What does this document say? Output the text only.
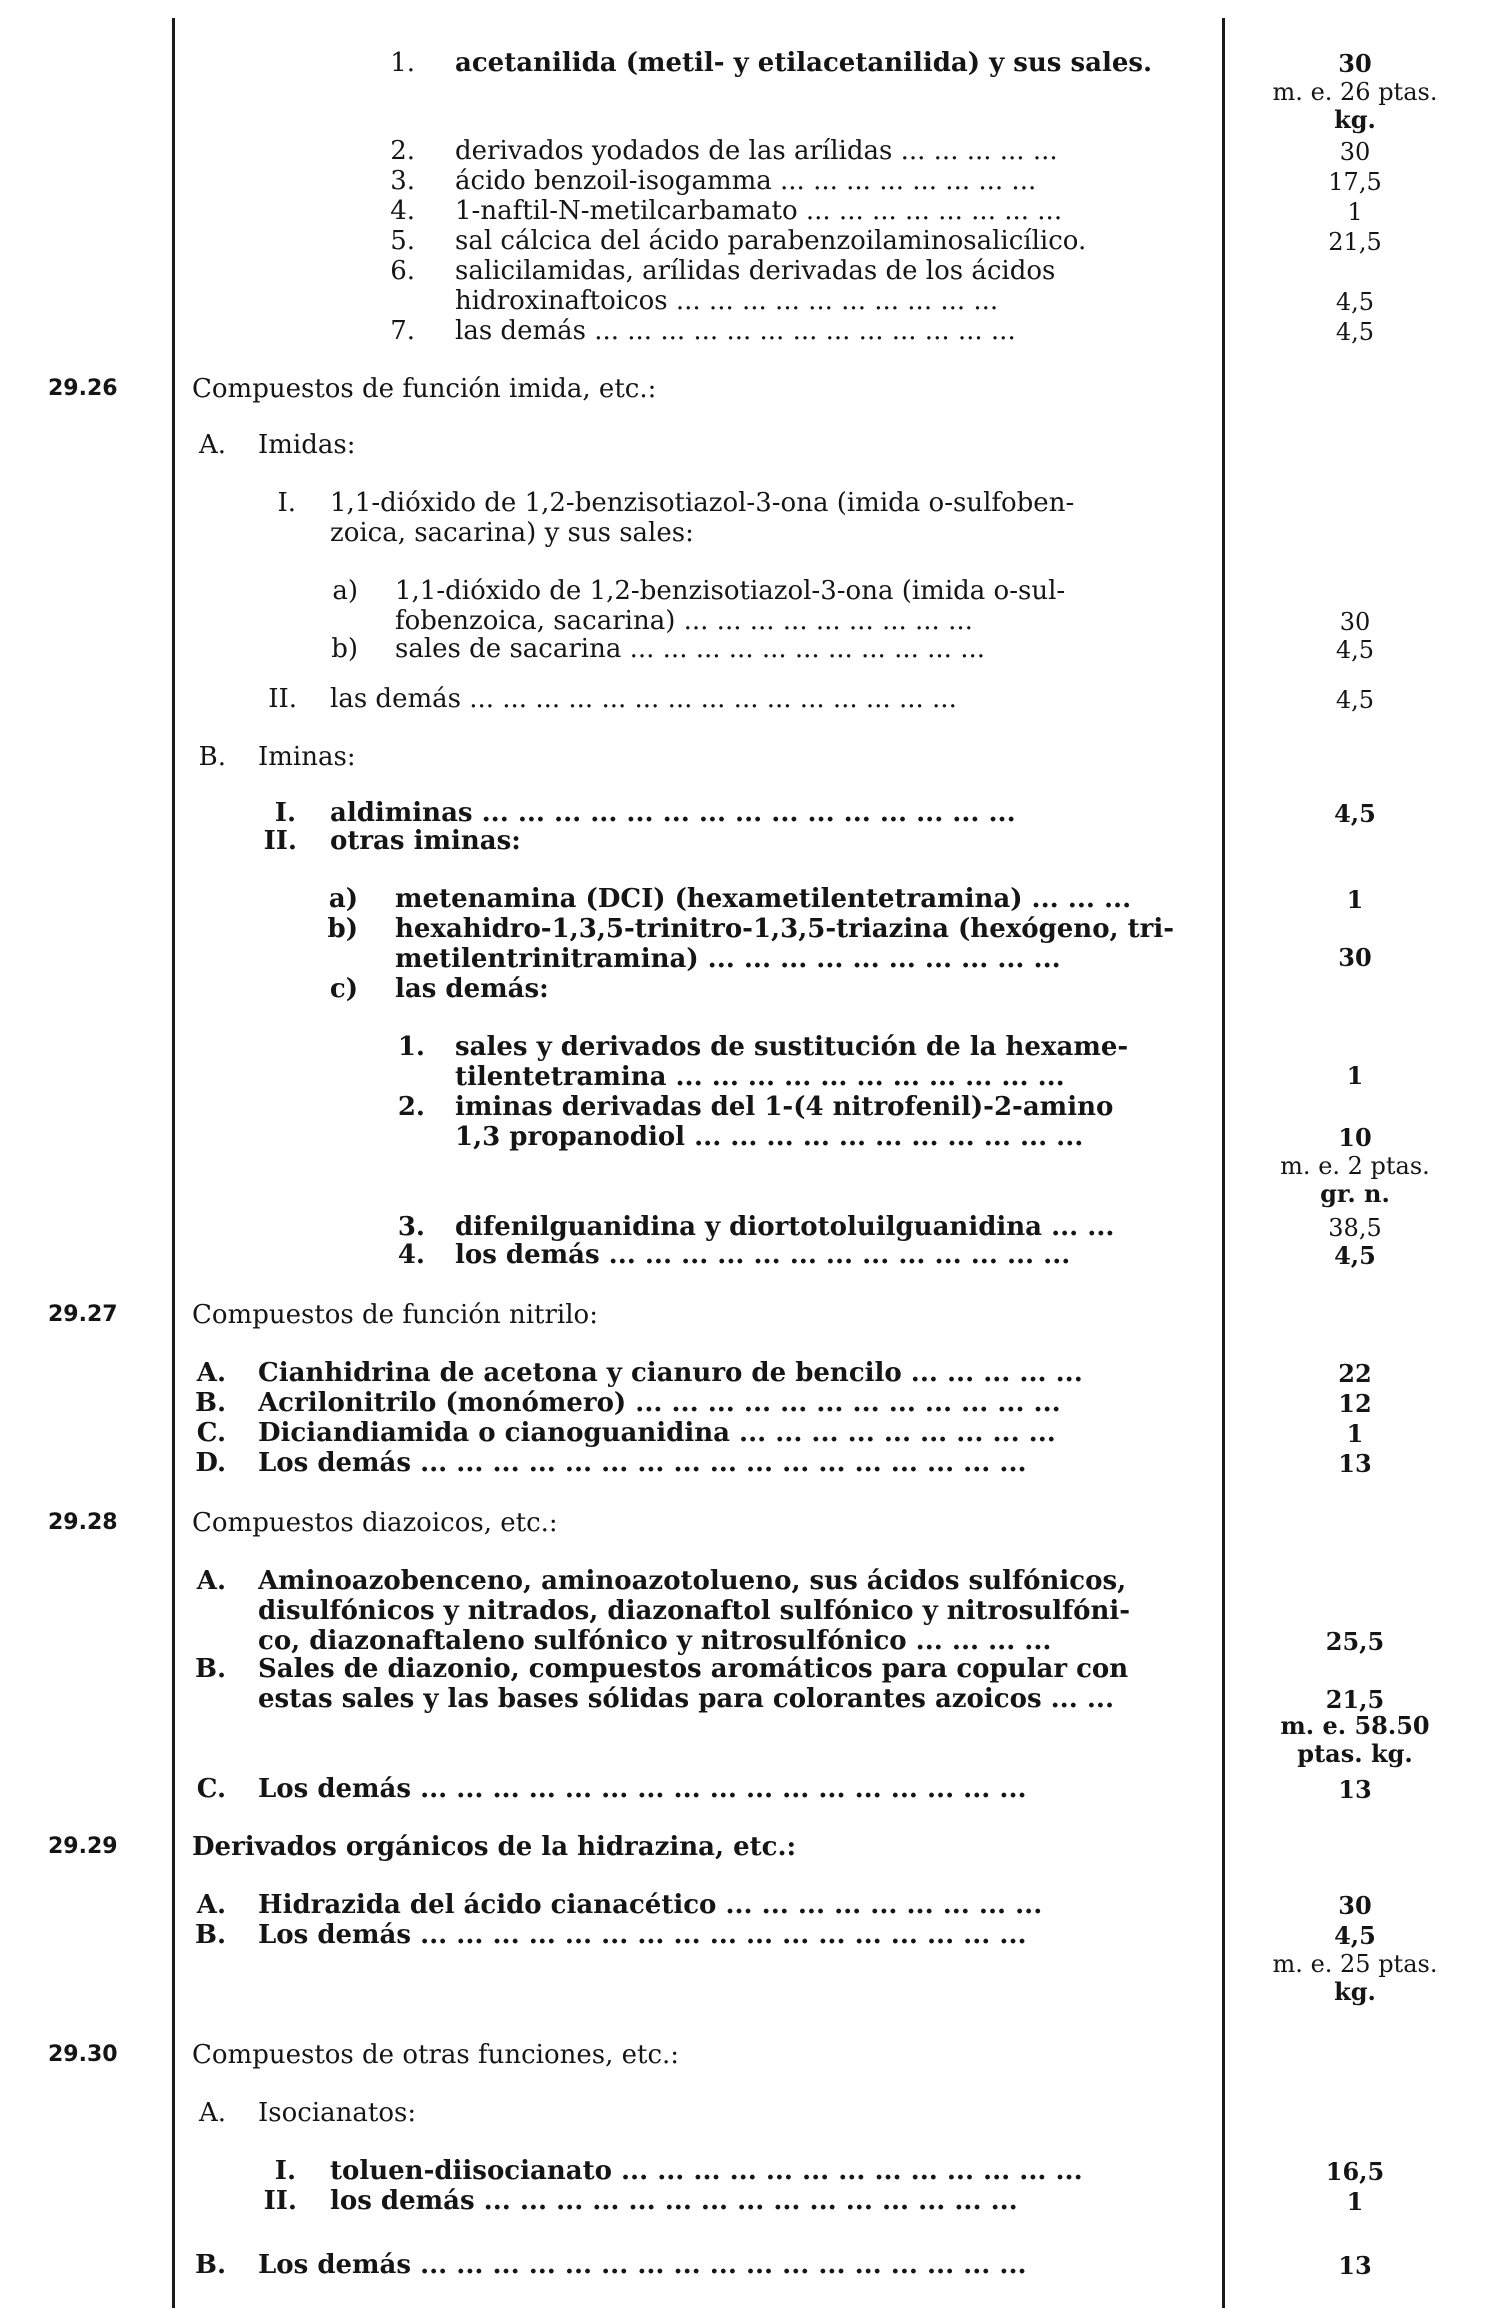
1. acetanilida (metil- y etilacetanilida) y sus sales.	30
m. e. 26 ptas.
kg.
2. derivados yodados de las arílidas ... ... ... ... ...	30
3. ácido benzoil-isogamma ... ... ... ... ... ... ... ...	17,5
4. 1-naftil-N-metilcarbamato ... ... ... ... ... ... ... ...	1
5. sal cálcica del ácido parabenzoilaminosalicílico.	21,5
6. salicilamidas, arílidas derivadas de los ácidos
hidroxinaftoicos ... ... ... ... ... ... ... ... ... ...	4,5
7. las demás ... ... ... ... ... ... ... ... ... ... ... ... ...	4,5
29.26	Compuestos de función imida, etc.:
A. Imidas:
I. 1,1-dióxido de 1,2-benzisotiazol-3-ona (imida o-sulfoben-
zoica, sacarina) y sus sales:
a) 1,1-dióxido de 1,2-benzisotiazol-3-ona (imida o-sul-
fobenzoica, sacarina) ... ... ... ... ... ... ... ... ...	30
b) sales de sacarina ... ... ... ... ... ... ... ... ... ... ...	4,5
II. las demás ... ... ... ... ... ... ... ... ... ... ... ... ... ... ...	4,5
B. Iminas:
I. aldiminas ... ... ... ... ... ... ... ... ... ... ... ... ... ... ...	4,5
II. otras iminas:
a) metenamina (DCI) (hexametilentetramina) ... ... ...	1
b) hexahidro-1,3,5-trinitro-1,3,5-triazina (hexógeno, tri-
metilentrinitramina) ... ... ... ... ... ... ... ... ... ...	30
c) las demás:
1. sales y derivados de sustitución de la hexame-
tilentetramina ... ... ... ... ... ... ... ... ... ... ...	1
2. iminas derivadas del 1-(4 nitrofenil)-2-amino
1,3 propanodiol ... ... ... ... ... ... ... ... ... ... ...	10
m. e. 2 ptas.
gr. n.
3. difenilguanidina y diortotoluilguanidina ... ...	38,5
4. los demás ... ... ... ... ... ... ... ... ... ... ... ... ...	4,5
29.27	Compuestos de función nitrilo:
A. Cianhidrina de acetona y cianuro de bencilo ... ... ... ... ...	22
B. Acrilonitrilo (monómero) ... ... ... ... ... ... ... ... ... ... ... ...	12
C. Diciandiamida o cianoguanidina ... ... ... ... ... ... ... ... ...	1
D. Los demás ... ... ... ... ... ... ... ... ... ... ... ... ... ... ... ... ...	13
29.28	Compuestos diazoicos, etc.:
A. Aminoazobenceno, aminoazotolueno, sus ácidos sulfónicos,
disulfónicos y nitrados, diazonaftol sulfónico y nitrosulfóni-
co, diazonaftaleno sulfónico y nitrosulfónico ... ... ... ...	25,5
B. Sales de diazonio, compuestos aromáticos para copular con
estas sales y las bases sólidas para colorantes azoicos ... ...	21,5
m. e. 58.50
ptas. kg.
C. Los demás ... ... ... ... ... ... ... ... ... ... ... ... ... ... ... ... ...	13
29.29	Derivados orgánicos de la hidrazina, etc.:
A. Hidrazida del ácido cianacético ... ... ... ... ... ... ... ... ...	30
B. Los demás ... ... ... ... ... ... ... ... ... ... ... ... ... ... ... ... ...	4,5
m. e. 25 ptas.
kg.
29.30	Compuestos de otras funciones, etc.:
A. Isocianatos:
I. toluen-diisocianato ... ... ... ... ... ... ... ... ... ... ... ... ...	16,5
II. los demás ... ... ... ... ... ... ... ... ... ... ... ... ... ... ...	1
B. Los demás ... ... ... ... ... ... ... ... ... ... ... ... ... ... ... ... ...	13
